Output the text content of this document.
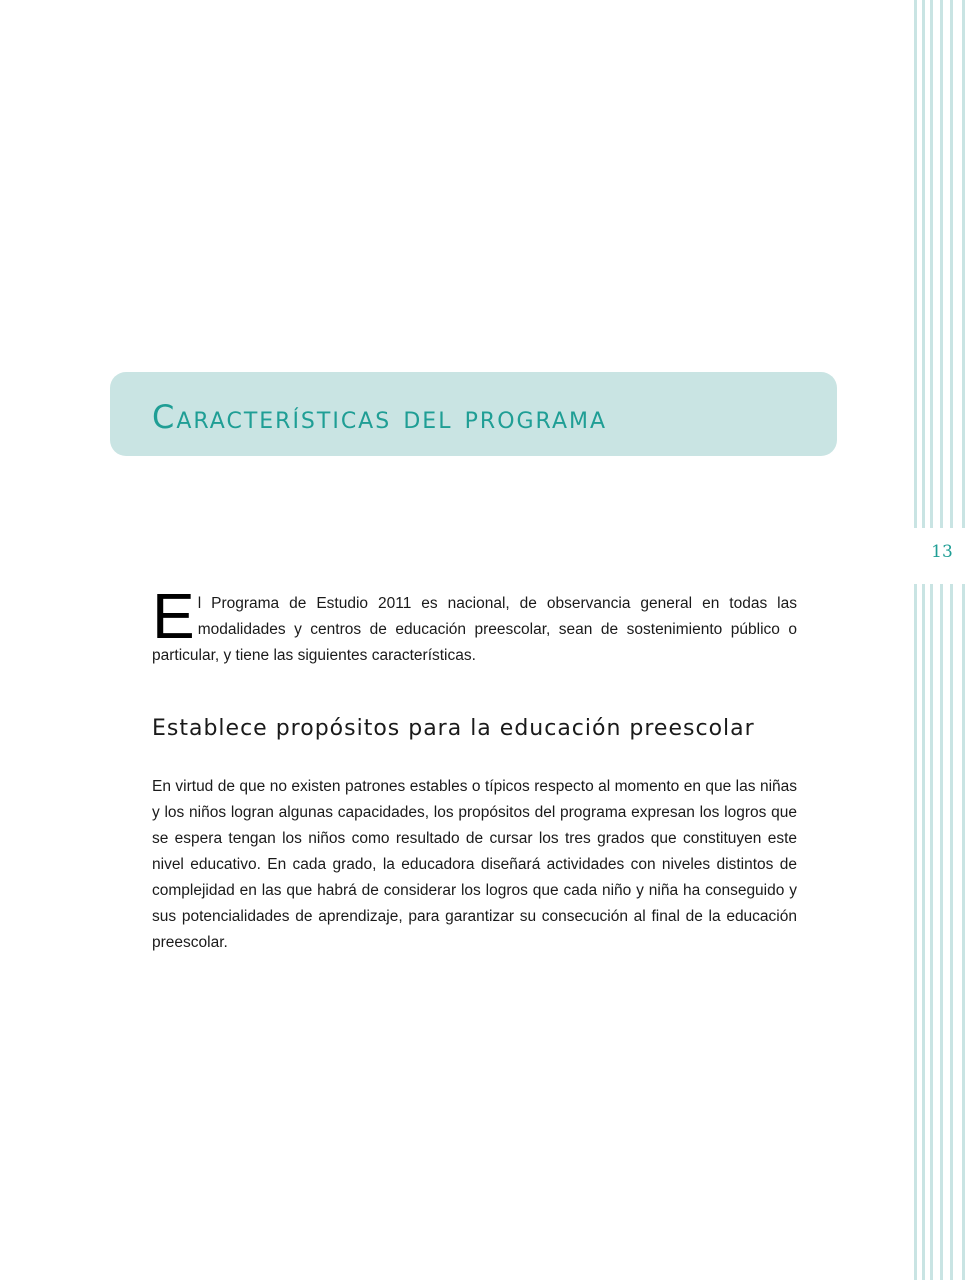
13
Características del programa

El Programa de Estudio 2011 es nacional, de observancia general en todas las modalidades y centros de educación preescolar, sean de sostenimiento público o particular, y tiene las siguientes características.

Establece propósitos para la educación preescolar

En virtud de que no existen patrones estables o típicos respecto al momento en que las niñas y los niños logran algunas capacidades, los propósitos del programa expresan los logros que se espera tengan los niños como resultado de cursar los tres grados que constituyen este nivel educativo. En cada grado, la educadora diseñará actividades con niveles distintos de complejidad en las que habrá de considerar los logros que cada niño y niña ha conseguido y sus potencialidades de aprendizaje, para garantizar su consecución al final de la educación preescolar.
